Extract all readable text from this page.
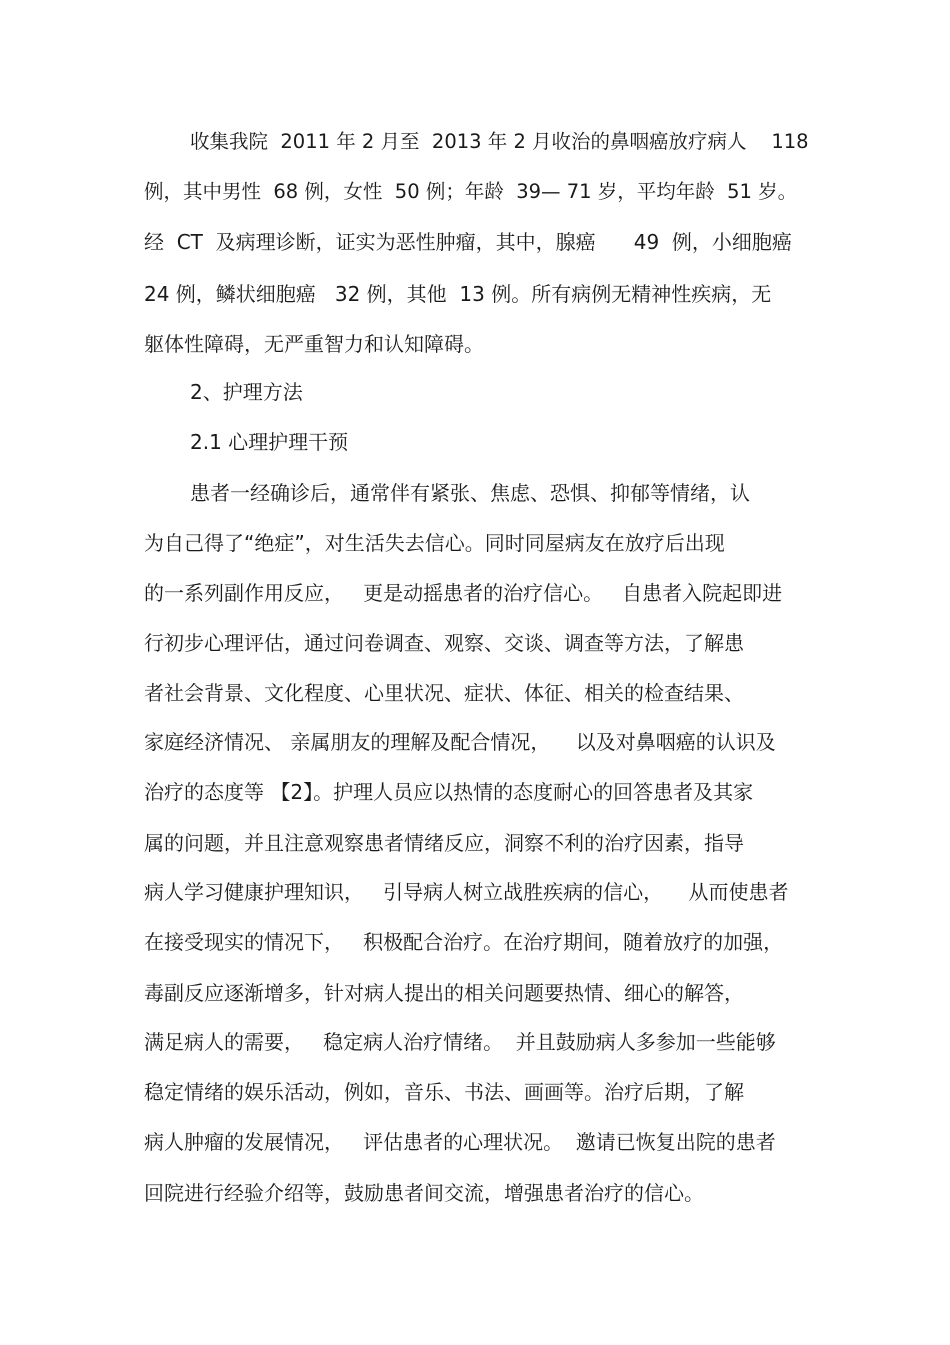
收集我院  2011 年 2 月至  2013 年 2 月收治的鼻咽癌放疗病人    118
例，其中男性  68 例，女性  50 例；年龄  39— 71 岁，平均年龄  51 岁。
经  CT  及病理诊断，证实为恶性肿瘤，其中，腺癌      49  例，小细胞癌
24 例，鳞状细胞癌   32 例，其他  13 例。所有病例无精神性疾病，无
躯体性障碍，无严重智力和认知障碍。
2、护理方法
2.1 心理护理干预
患者一经确诊后，通常伴有紧张、焦虑、恐惧、抑郁等情绪，认
为自己得了“绝症”，对生活失去信心。同时同屋病友在放疗后出现
的一系列副作用反应，   更是动摇患者的治疗信心。   自患者入院起即进
行初步心理评估，通过问卷调查、观察、交谈、调查等方法，了解患
者社会背景、文化程度、心里状况、症状、体征、相关的检查结果、
家庭经济情况、 亲属朋友的理解及配合情况，    以及对鼻咽癌的认识及
治疗的态度等 【2】。护理人员应以热情的态度耐心的回答患者及其家
属的问题，并且注意观察患者情绪反应，洞察不利的治疗因素，指导
病人学习健康护理知识，   引导病人树立战胜疾病的信心，    从而使患者
在接受现实的情况下，   积极配合治疗。在治疗期间，随着放疗的加强，
毒副反应逐渐增多，针对病人提出的相关问题要热情、细心的解答，
满足病人的需要，   稳定病人治疗情绪。  并且鼓励病人多参加一些能够
稳定情绪的娱乐活动，例如，音乐、书法、画画等。治疗后期，了解
病人肿瘤的发展情况，   评估患者的心理状况。  邀请已恢复出院的患者
回院进行经验介绍等，鼓励患者间交流，增强患者治疗的信心。
